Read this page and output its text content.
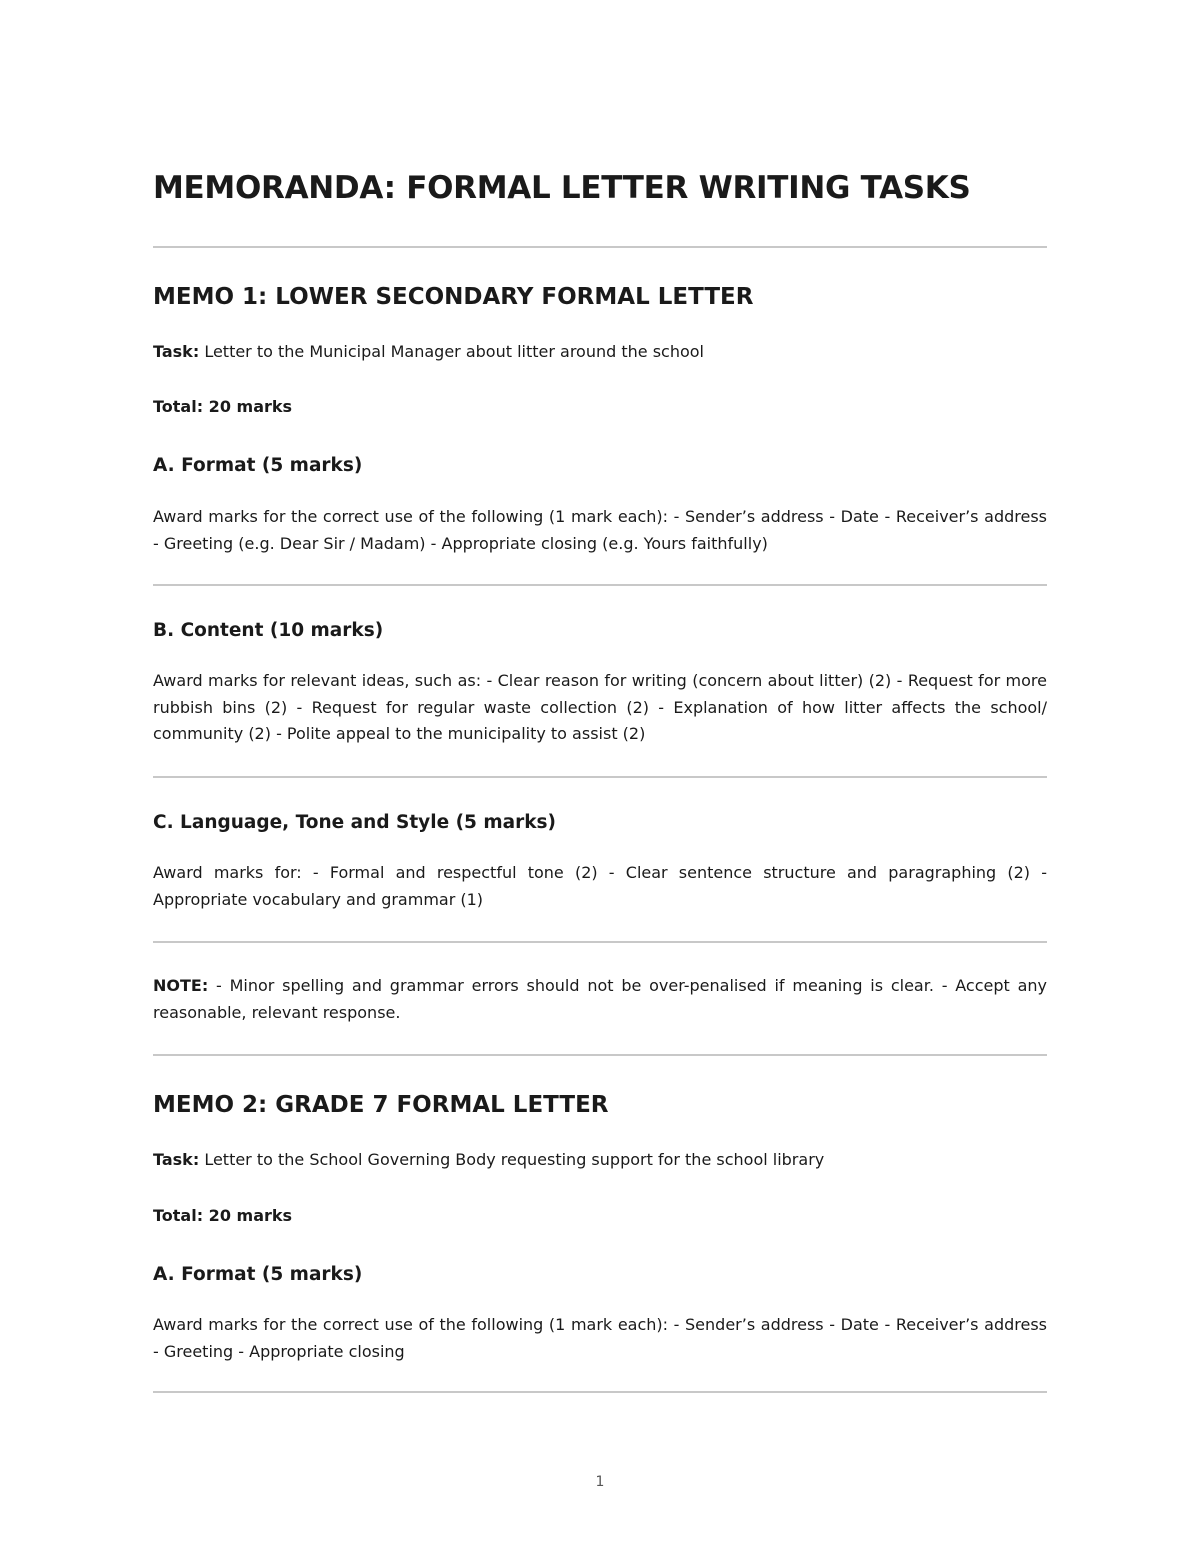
MEMORANDA: FORMAL LETTER WRITING TASKS
MEMO 1: LOWER SECONDARY FORMAL LETTER

Task: Letter to the Municipal Manager about litter around the school

Total: 20 marks

A. Format (5 marks)

Award marks for the correct use of the following (1 mark each): - Sender’s address - Date - Receiver’s address - Greeting (e.g. Dear Sir / Madam) - Appropriate closing (e.g. Yours faithfully)

B. Content (10 marks)

Award marks for relevant ideas, such as: - Clear reason for writing (concern about litter) (2) - Request for more rubbish bins (2) - Request for regular waste collection (2) - Explanation of how litter affects the school/ community (2) - Polite appeal to the municipality to assist (2)

C. Language, Tone and Style (5 marks)

Award marks for: - Formal and respectful tone (2) - Clear sentence structure and paragraphing (2) - Appropriate vocabulary and grammar (1)

NOTE: - Minor spelling and grammar errors should not be over-penalised if meaning is clear. - Accept any reasonable, relevant response.

MEMO 2: GRADE 7 FORMAL LETTER

Task: Letter to the School Governing Body requesting support for the school library

Total: 20 marks

A. Format (5 marks)

Award marks for the correct use of the following (1 mark each): - Sender’s address - Date - Receiver’s address - Greeting - Appropriate closing

1
